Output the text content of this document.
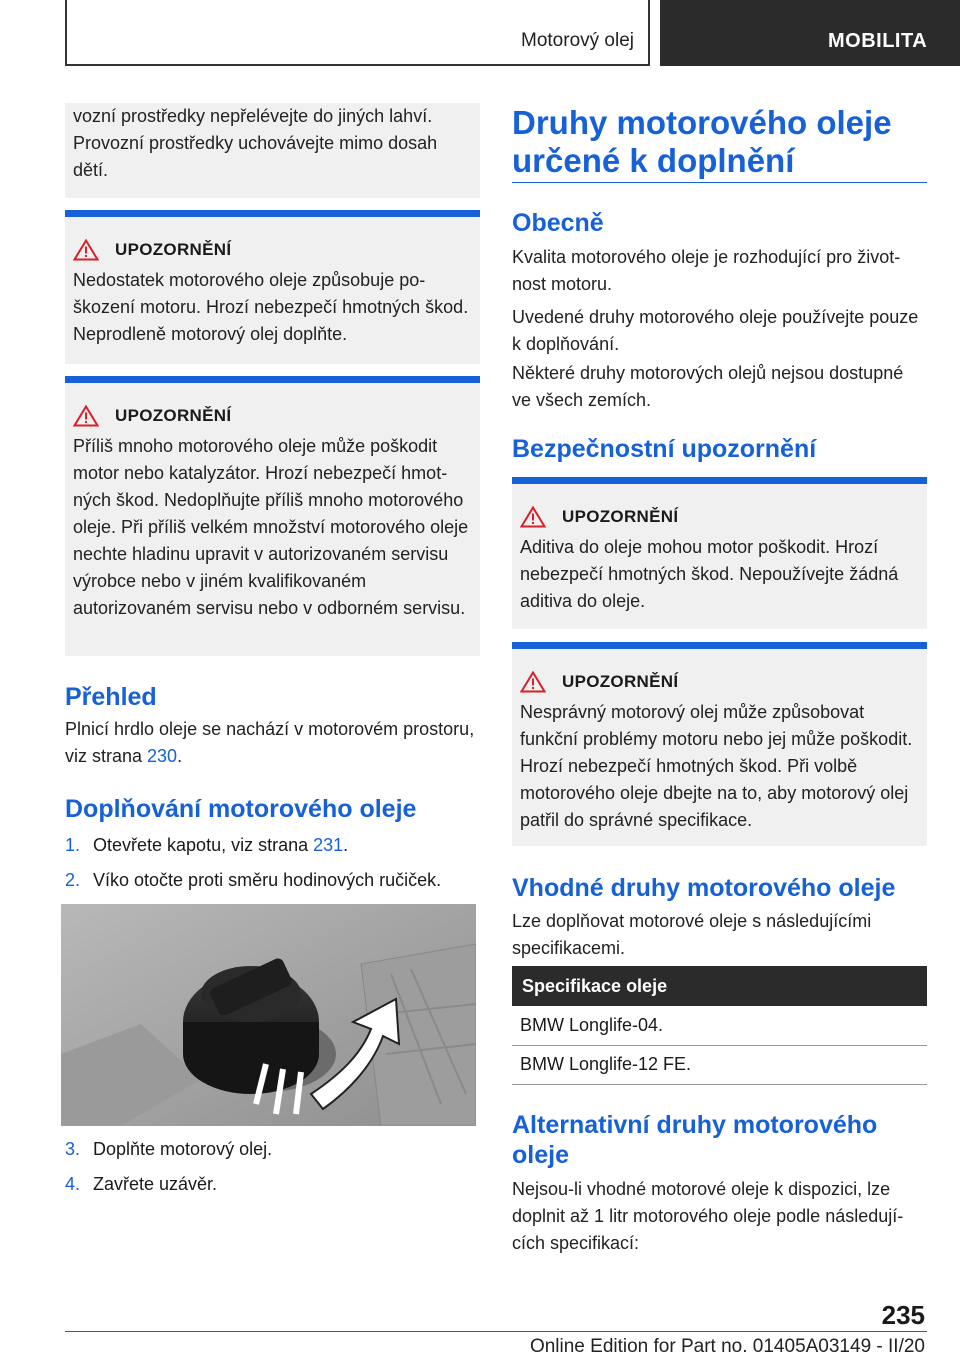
Motorový olej	MOBILITA

vozní prostředky nepřelévejte do jiných lahví. Provozní prostředky uchovávejte mimo dosah dětí.

UPOZORNĚNÍ

Nedostatek motorového oleje způsobuje poškození motoru. Hrozí nebezpečí hmotných škod. Neprodleně motorový olej doplňte.

UPOZORNĚNÍ

Příliš mnoho motorového oleje může poškodit motor nebo katalyzátor. Hrozí nebezpečí hmotných škod. Nedoplňujte příliš mnoho motorového oleje. Při příliš velkém množství motorového oleje nechte hladinu upravit v autorizovaném servisu výrobce nebo v jiném kvalifikovaném autorizovaném servisu nebo v odborném servisu.

Přehled

Plnicí hrdlo oleje se nachází v motorovém prostoru, viz strana 230.

Doplňování motorového oleje
1. Otevřete kapotu, viz strana 231.
2. Víko otočte proti směru hodinových ručiček.
3. Doplňte motorový olej.
4. Zavřete uzávěr.
Druhy motorového oleje určené k doplnění
Obecně

Kvalita motorového oleje je rozhodující pro životnost motoru.

Uvedené druhy motorového oleje používejte pouze k doplňování.

Některé druhy motorových olejů nejsou dostupné ve všech zemích.

Bezpečnostní upozornění
UPOZORNĚNÍ

Aditiva do oleje mohou motor poškodit. Hrozí nebezpečí hmotných škod. Nepoužívejte žádná aditiva do oleje.

UPOZORNĚNÍ

Nesprávný motorový olej může způsobovat funkční problémy motoru nebo jej může poškodit. Hrozí nebezpečí hmotných škod. Při volbě motorového oleje dbejte na to, aby motorový olej patřil do správné specifikace.

Vhodné druhy motorového oleje

Lze doplňovat motorové oleje s následujícími specifikacemi.

Specifikace oleje
BMW Longlife-04.
BMW Longlife-12 FE.
Alternativní druhy motorového oleje

Nejsou-li vhodné motorové oleje k dispozici, lze doplnit až 1 litr motorového oleje podle následujících specifikací:

235
Online Edition for Part no. 01405A03149 - II/20
